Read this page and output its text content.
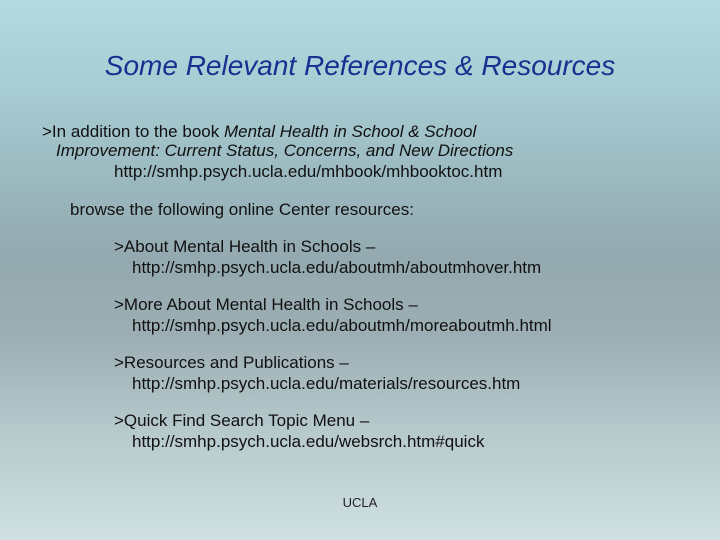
Some Relevant References & Resources
>In addition to the book Mental Health in School & School
Improvement: Current Status, Concerns, and New Directions
http://smhp.psych.ucla.edu/mhbook/mhbooktoc.htm
browse the following online Center resources:
>About Mental Health in Schools –
http://smhp.psych.ucla.edu/aboutmh/aboutmhover.htm
>More About Mental Health in Schools –
http://smhp.psych.ucla.edu/aboutmh/moreaboutmh.html
>Resources and Publications –
http://smhp.psych.ucla.edu/materials/resources.htm
>Quick Find Search Topic Menu –
http://smhp.psych.ucla.edu/websrch.htm#quick
UCLA
